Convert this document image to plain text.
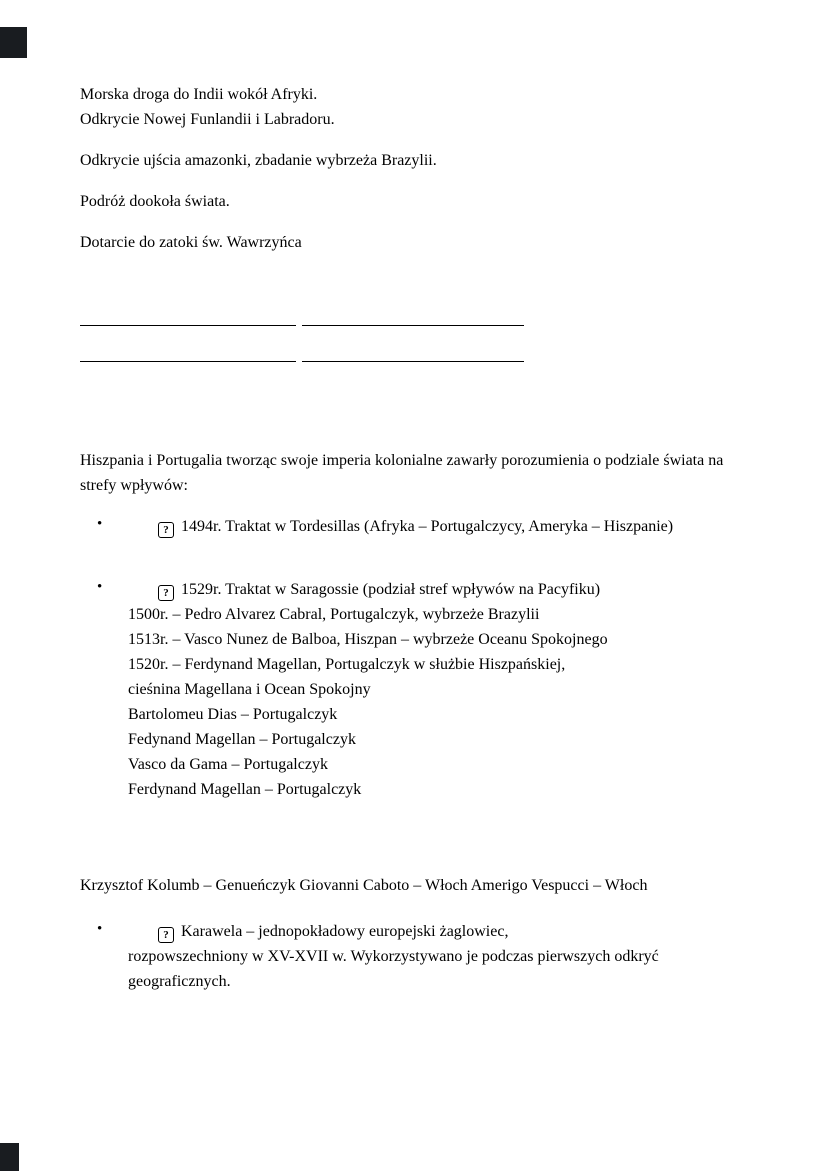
Morska droga do Indii wokół Afryki.
Odkrycie Nowej Funlandii i Labradoru.
Odkrycie ujścia amazonki, zbadanie wybrzeża Brazylii.
Podróż dookoła świata.
Dotarcie do zatoki św. Wawrzyńca
Hiszpania i Portugalia tworząc swoje imperia kolonialne zawarły porozumienia o podziale świata na strefy wpływów:
•	? 1494r. Traktat w Tordesillas (Afryka – Portugalczycy, Ameryka – Hiszpanie)
•	? 1529r. Traktat w Saragossie (podział stref wpływów na Pacyfiku)
1500r. – Pedro Alvarez Cabral, Portugalczyk, wybrzeże Brazylii
1513r. – Vasco Nunez de Balboa, Hiszpan – wybrzeże Oceanu Spokojnego
1520r. – Ferdynand Magellan, Portugalczyk w służbie Hiszpańskiej,
cieśnina Magellana i Ocean Spokojny
Bartolomeu Dias – Portugalczyk
Fedynand Magellan – Portugalczyk
Vasco da Gama – Portugalczyk
Ferdynand Magellan – Portugalczyk
Krzysztof Kolumb – Genueńczyk Giovanni Caboto – Włoch Amerigo Vespucci – Włoch
•	? Karawela – jednopokładowy europejski żaglowiec,
rozpowszechniony w XV-XVII w. Wykorzystywano je podczas pierwszych odkryć geograficznych.
